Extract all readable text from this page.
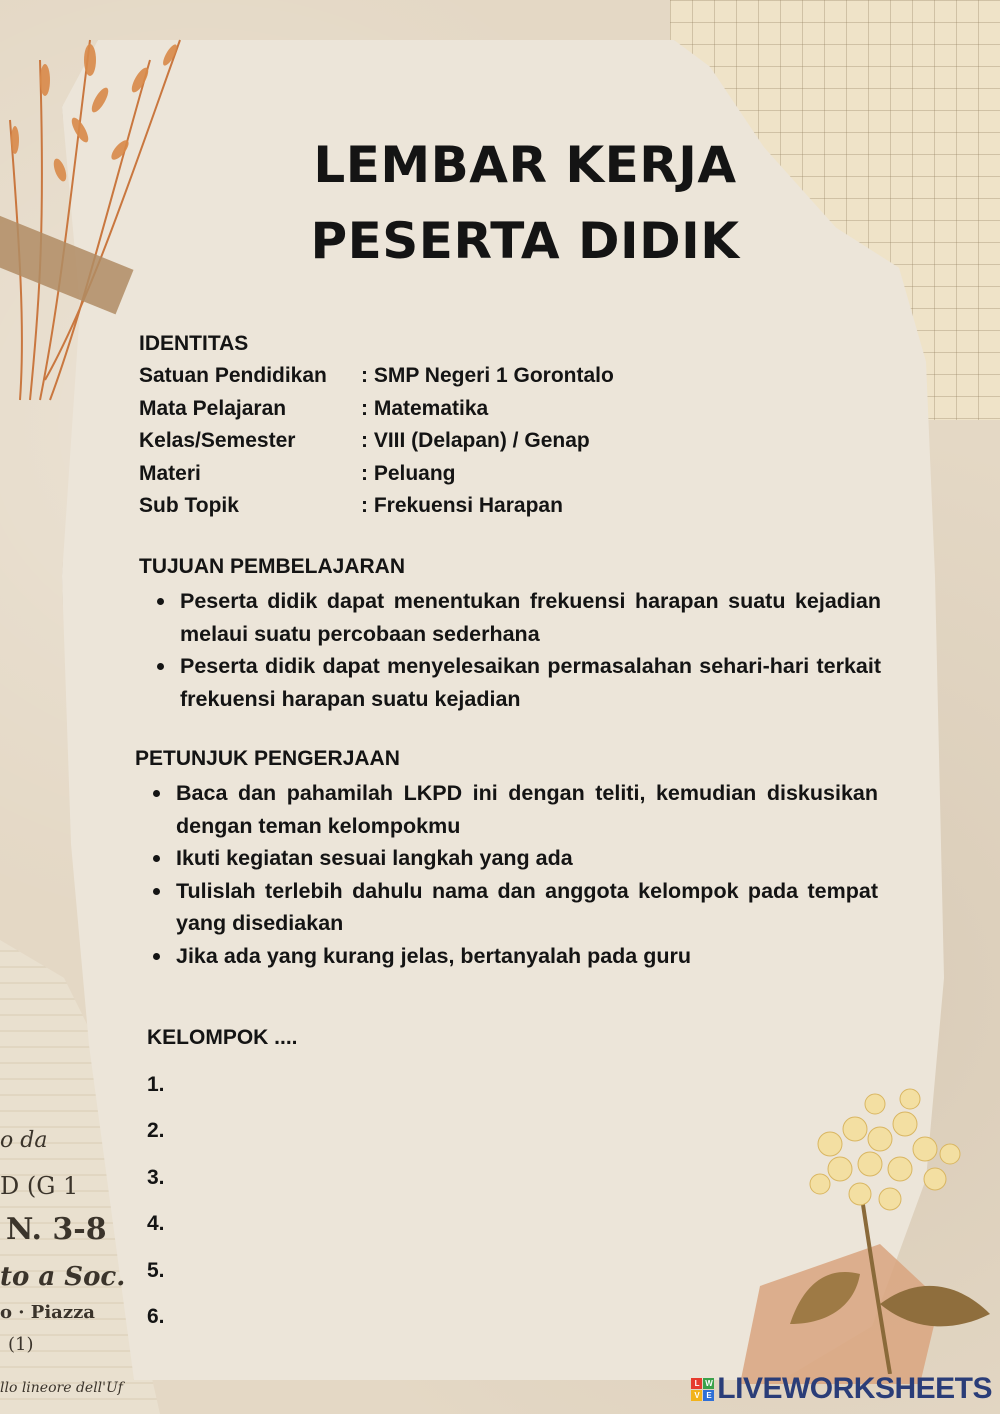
o da
D (G 1
N. 3-8
to a Soc.
o · Piazza
(1)
llo lineore dell'Uf
LEMBAR KERJA
PESERTA DIDIK
IDENTITAS
Satuan Pendidikan	: SMP Negeri 1 Gorontalo
Mata Pelajaran	: Matematika
Kelas/Semester	: VIII (Delapan) / Genap
Materi	: Peluang
Sub Topik	: Frekuensi Harapan
TUJUAN PEMBELAJARAN
Peserta didik dapat menentukan frekuensi harapan suatu kejadian melaui suatu percobaan sederhana
Peserta didik dapat menyelesaikan permasalahan sehari-hari terkait frekuensi harapan suatu kejadian
PETUNJUK PENGERJAAN
Baca dan pahamilah LKPD ini dengan teliti, kemudian diskusikan dengan teman kelompokmu
Ikuti kegiatan sesuai langkah yang ada
Tulislah terlebih dahulu nama dan anggota kelompok pada tempat yang disediakan
Jika ada yang kurang jelas, bertanyalah pada guru
KELOMPOK ....
1.
2.
3.
4.
5.
6.
L W
V E LIVEWORKSHEETS
